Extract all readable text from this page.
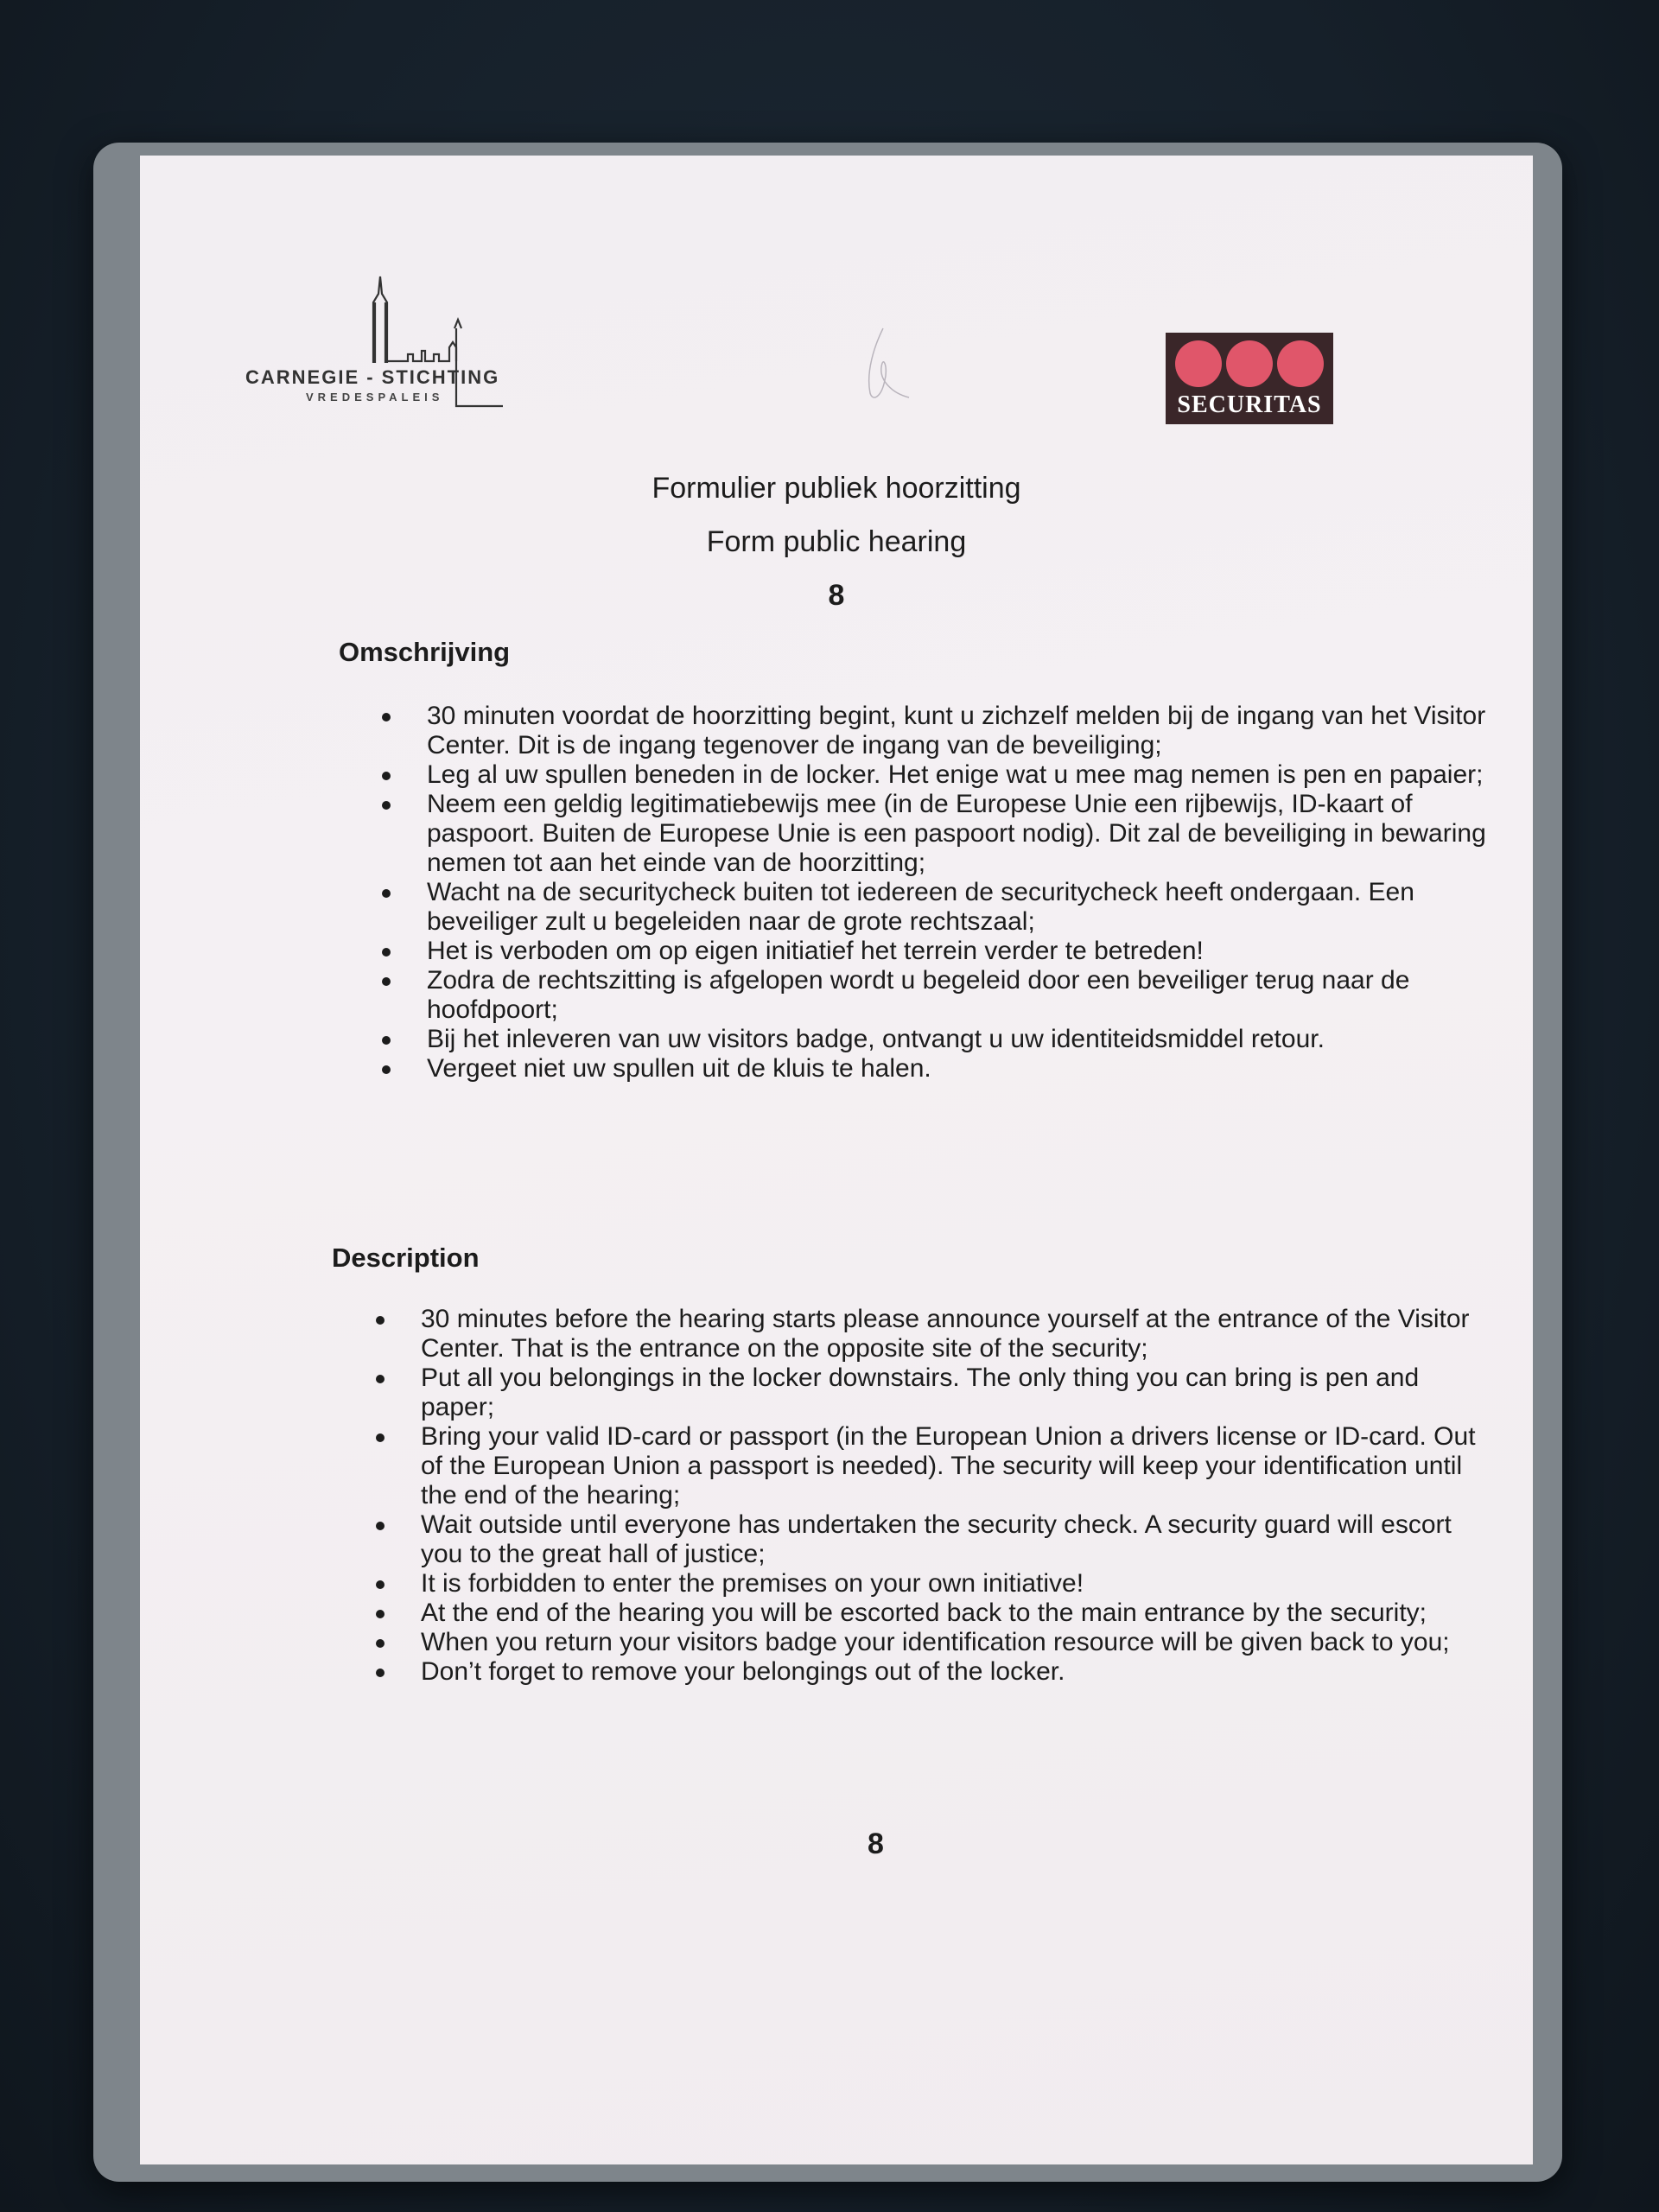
CARNEGIE - STICHTING
VREDESPALEIS	SECURITAS
Formulier publiek hoorzitting
Form public hearing
8
Omschrijving
30 minuten voordat de hoorzitting begint, kunt u zichzelf melden bij de ingang van het Visitor Center. Dit is de ingang tegenover de ingang van de beveiliging;
Leg al uw spullen beneden in de locker. Het enige wat u mee mag nemen is pen en papaier;
Neem een geldig legitimatiebewijs mee (in de Europese Unie een rijbewijs, ID-kaart of paspoort. Buiten de Europese Unie is een paspoort nodig). Dit zal de beveiliging in bewaring nemen tot aan het einde van de hoorzitting;
Wacht na de securitycheck buiten tot iedereen de securitycheck heeft ondergaan. Een beveiliger zult u begeleiden naar de grote rechtszaal;
Het is verboden om op eigen initiatief het terrein verder te betreden!
Zodra de rechtszitting is afgelopen wordt u begeleid door een beveiliger terug naar de hoofdpoort;
Bij het inleveren van uw visitors badge, ontvangt u uw identiteidsmiddel retour.
Vergeet niet uw spullen uit de kluis te halen.
Description
30 minutes before the hearing starts please announce yourself at the entrance of the Visitor Center. That is the entrance on the opposite site of the security;
Put all you belongings in the locker downstairs. The only thing you can bring is pen and paper;
Bring your valid ID-card or passport (in the European Union a drivers license or ID-card. Out of the European Union a passport is needed). The security will keep your identification until the end of the hearing;
Wait outside until everyone has undertaken the security check. A security guard will escort you to the great hall of justice;
It is forbidden to enter the premises on your own initiative!
At the end of the hearing you will be escorted back to the main entrance by the security;
When you return your visitors badge your identification resource will be given back to you;
Don’t forget to remove your belongings out of the locker.
8
